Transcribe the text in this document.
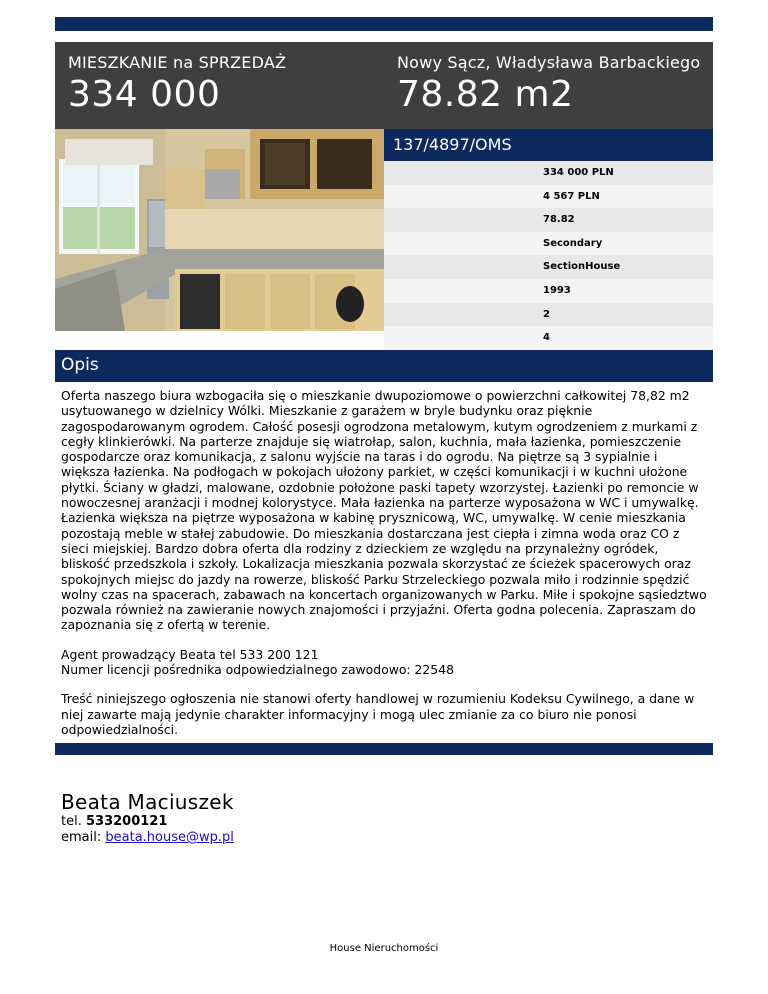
MIESZKANIE na SPRZEDAŻ
334 000
Nowy Sącz, Władysława Barbackiego
78.82 m2
137/4897/OMS
334 000 PLN
4 567 PLN
78.82
Secondary
SectionHouse
1993
2
4
Opis

Oferta naszego biura wzbogaciła się o mieszkanie dwupoziomowe o powierzchni całkowitej 78,82 m2 usytuowanego w dzielnicy Wólki. Mieszkanie z garażem w bryle budynku oraz pięknie zagospodarowanym ogrodem. Całość posesji ogrodzona metalowym, kutym ogrodzeniem z murkami z cegły klinkierówki. Na parterze znajduje się wiatrołap, salon, kuchnia, mała łazienka, pomieszczenie gospodarcze oraz komunikacja, z salonu wyjście na taras i do ogrodu. Na piętrze są 3 sypialnie i większa łazienka. Na podłogach w pokojach ułożony parkiet, w części komunikacji i w kuchni ułożone płytki. Ściany w gładzi, malowane, ozdobnie położone paski tapety wzorzystej. Łazienki po remoncie w nowoczesnej aranżacji i modnej kolorystyce. Mała łazienka na parterze wyposażona w WC i umywalkę. Łazienka większa na piętrze wyposażona w kabinę prysznicową, WC, umywalkę. W cenie mieszkania pozostają meble w stałej zabudowie. Do mieszkania dostarczana jest ciepła i zimna woda oraz CO z sieci miejskiej. Bardzo dobra oferta dla rodziny z dzieckiem ze względu na przynależny ogródek, bliskość przedszkola i szkoły. Lokalizacja mieszkania pozwala skorzystać ze ścieżek spacerowych oraz spokojnych miejsc do jazdy na rowerze, bliskość Parku Strzeleckiego pozwala miło i rodzinnie spędzić wolny czas na spacerach, zabawach na koncertach organizowanych w Parku. Miłe i spokojne sąsiedztwo pozwala również na zawieranie nowych znajomości i przyjaźni. Oferta godna polecenia. Zapraszam do zapoznania się z ofertą w terenie.

Agent prowadzący Beata tel 533 200 121
Numer licencji pośrednika odpowiedzialnego zawodowo: 22548

Treść niniejszego ogłoszenia nie stanowi oferty handlowej w rozumieniu Kodeksu Cywilnego, a dane w niej zawarte mają jedynie charakter informacyjny i mogą ulec zmianie za co biuro nie ponosi odpowiedzialności.

Beata Maciuszek
tel. 533200121
email: beata.house@wp.pl
House Nieruchomości
